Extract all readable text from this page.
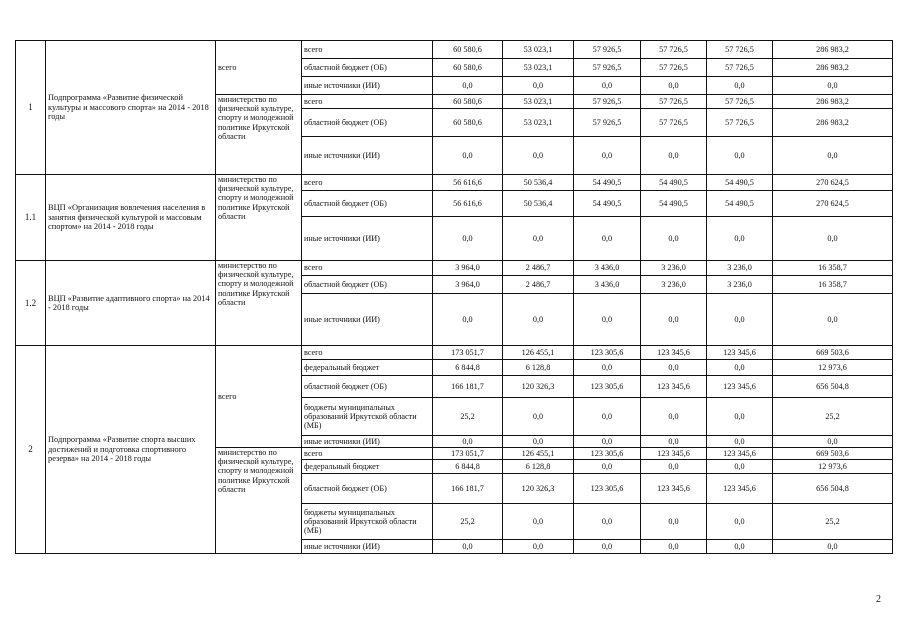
1	Подпрограмма «Развитие физической культуры и массового спорта» на 2014 - 2018 годы	всего	всего	60 580,6	53 023,1	57 926,5	57 726,5	57 726,5	286 983,2
			областной бюджет (ОБ)	60 580,6	53 023,1	57 926,5	57 726,5	57 726,5	286 983,2
			иные источники (ИИ)	0,0	0,0	0,0	0,0	0,0	0,0
		министерство по физической культуре, спорту и молодежной политике Иркутской области	всего	60 580,6	53 023,1	57 926,5	57 726,5	57 726,5	286 983,2
			областной бюджет (ОБ)	60 580,6	53 023,1	57 926,5	57 726,5	57 726,5	286 983,2
			иные источники (ИИ)	0,0	0,0	0,0	0,0	0,0	0,0
1.1	ВЦП «Организация вовлечения населения в занятия физической культурой и массовым спортом» на 2014 - 2018 годы	министерство по физической культуре, спорту и молодежной политике Иркутской области	всего	56 616,6	50 536,4	54 490,5	54 490,5	54 490,5	270 624,5
			областной бюджет (ОБ)	56 616,6	50 536,4	54 490,5	54 490,5	54 490,5	270 624,5
			иные источники (ИИ)	0,0	0,0	0,0	0,0	0,0	0,0
1.2	ВЦП «Развитие адаптивного спорта» на 2014 - 2018 годы	министерство по физической культуре, спорту и молодежной политике Иркутской области	всего	3 964,0	2 486,7	3 436,0	3 236,0	3 236,0	16 358,7
			областной бюджет (ОБ)	3 964,0	2 486,7	3 436,0	3 236,0	3 236,0	16 358,7
			иные источники (ИИ)	0,0	0,0	0,0	0,0	0,0	0,0
2	Подпрограмма «Развитие спорта высших достижений и подготовка спортивного резерва» на 2014 - 2018 годы	всего	всего	173 051,7	126 455,1	123 305,6	123 345,6	123 345,6	669 503,6
			федеральный бюджет	6 844,8	6 128,8	0,0	0,0	0,0	12 973,6
			областной бюджет (ОБ)	166 181,7	120 326,3	123 305,6	123 345,6	123 345,6	656 504,8
			бюджеты муниципальных образований Иркутской области (МБ)	25,2	0,0	0,0	0,0	0,0	25,2
			иные источники (ИИ)	0,0	0,0	0,0	0,0	0,0	0,0
		министерство по физической культуре, спорту и молодежной политике Иркутской области	всего	173 051,7	126 455,1	123 305,6	123 345,6	123 345,6	669 503,6
			федеральный бюджет	6 844,8	6 128,8	0,0	0,0	0,0	12 973,6
			областной бюджет (ОБ)	166 181,7	120 326,3	123 305,6	123 345,6	123 345,6	656 504,8
			бюджеты муниципальных образований Иркутской области (МБ)	25,2	0,0	0,0	0,0	0,0	25,2
			иные источники (ИИ)	0,0	0,0	0,0	0,0	0,0	0,0
2
